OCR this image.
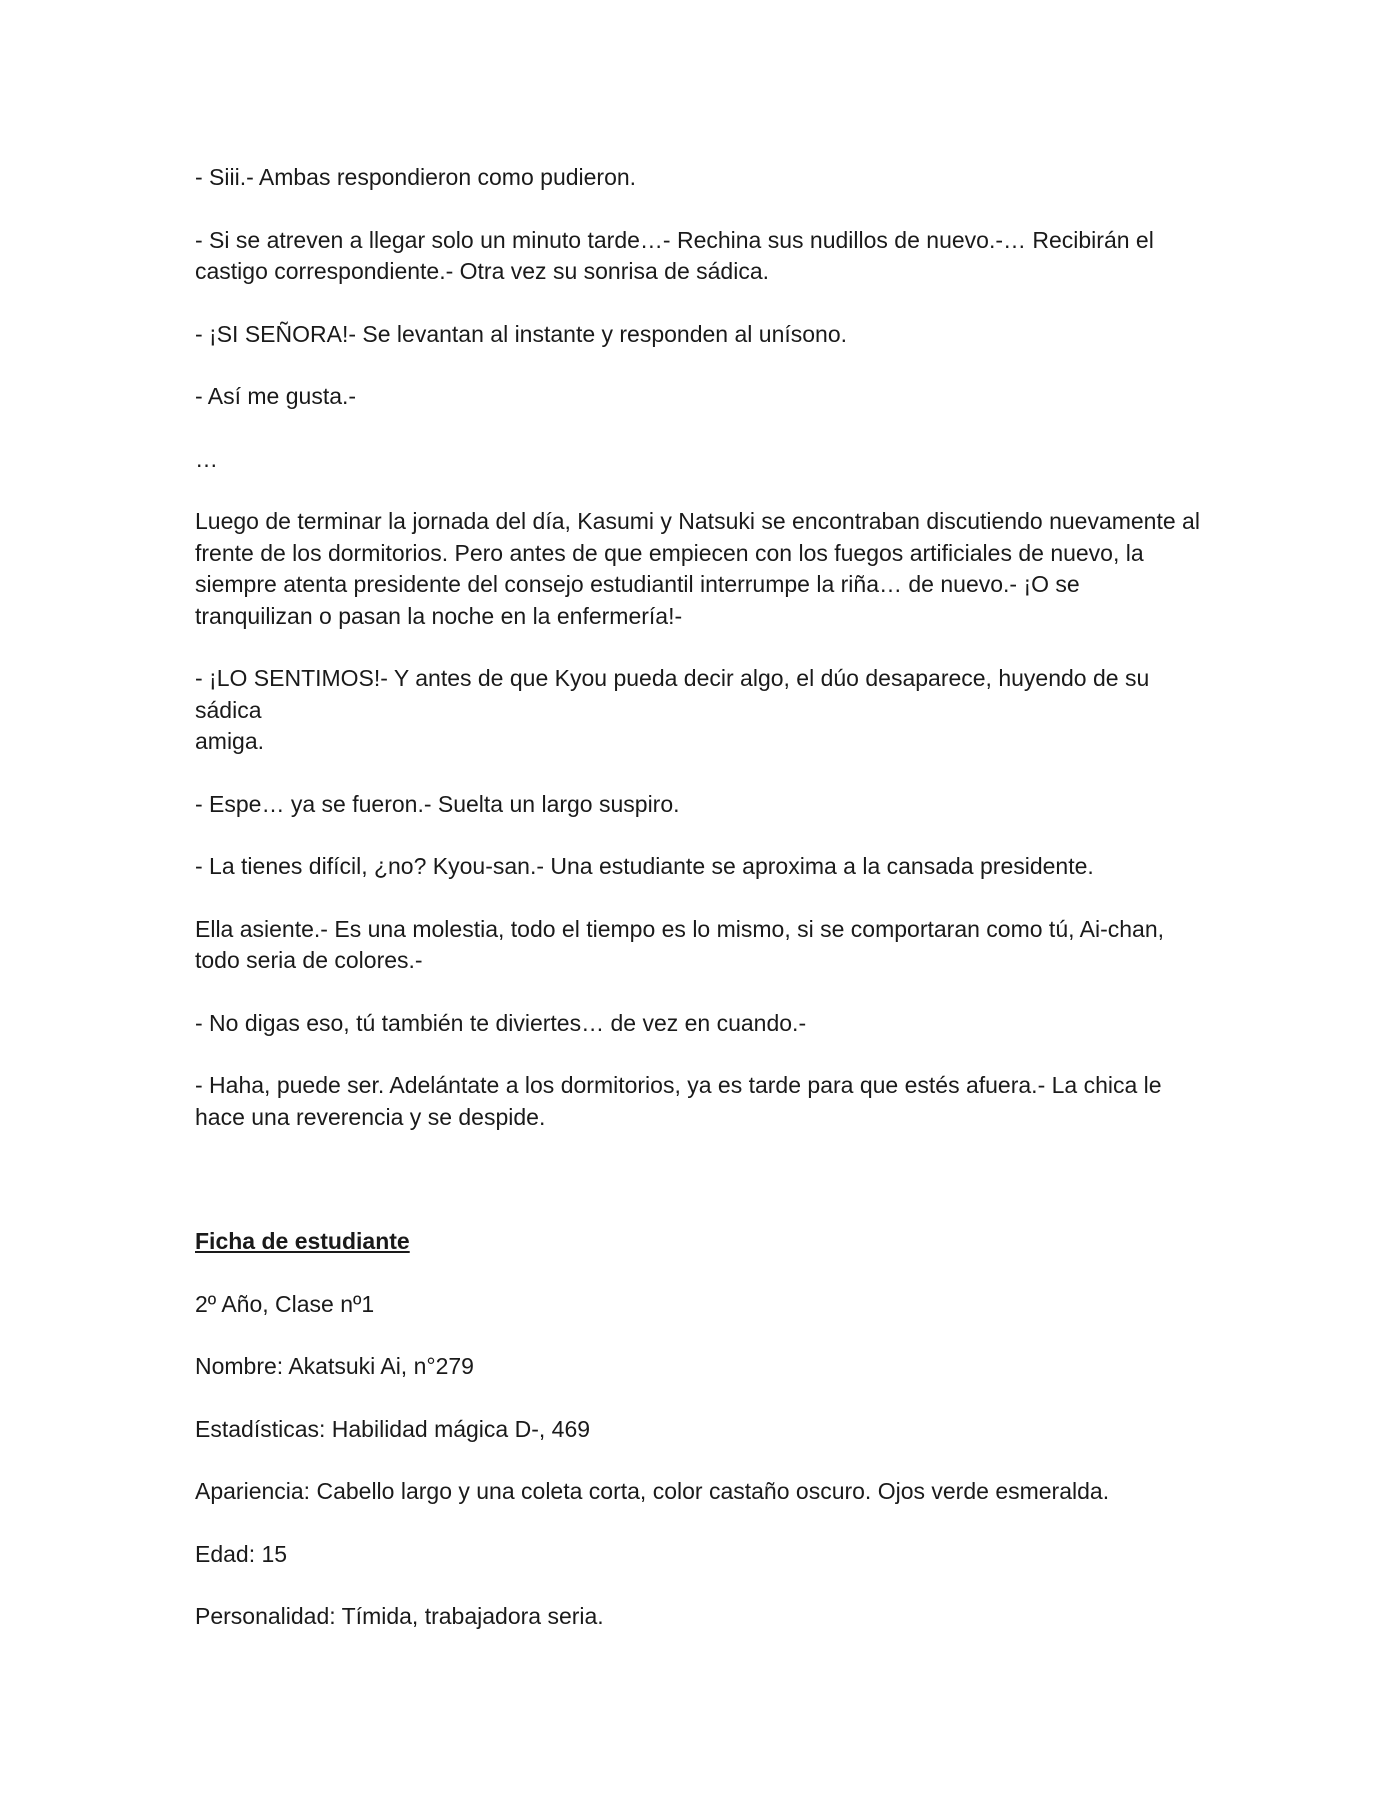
- Siii.- Ambas respondieron como pudieron.
- Si se atreven a llegar solo un minuto tarde…- Rechina sus nudillos de nuevo.-… Recibirán el
castigo correspondiente.- Otra vez su sonrisa de sádica.
- ¡SI SEÑORA!- Se levantan al instante y responden al unísono.
- Así me gusta.-
…
Luego de terminar la jornada del día, Kasumi y Natsuki se encontraban discutiendo nuevamente al
frente de los dormitorios. Pero antes de que empiecen con los fuegos artificiales de nuevo, la
siempre atenta presidente del consejo estudiantil interrumpe la riña… de nuevo.- ¡O se
tranquilizan o pasan la noche en la enfermería!-
- ¡LO SENTIMOS!- Y antes de que Kyou pueda decir algo, el dúo desaparece, huyendo de su sádica
amiga.
- Espe… ya se fueron.- Suelta un largo suspiro.
- La tienes difícil, ¿no? Kyou-san.- Una estudiante se aproxima a la cansada presidente.
Ella asiente.- Es una molestia, todo el tiempo es lo mismo, si se comportaran como tú, Ai-chan,
todo seria de colores.-
- No digas eso, tú también te diviertes… de vez en cuando.-
- Haha, puede ser. Adelántate a los dormitorios, ya es tarde para que estés afuera.- La chica le
hace una reverencia y se despide.
Ficha de estudiante
2º Año, Clase nº1
Nombre: Akatsuki Ai, n°279
Estadísticas: Habilidad mágica D-, 469
Apariencia: Cabello largo y una coleta corta, color castaño oscuro. Ojos verde esmeralda.
Edad: 15
Personalidad: Tímida, trabajadora seria.
